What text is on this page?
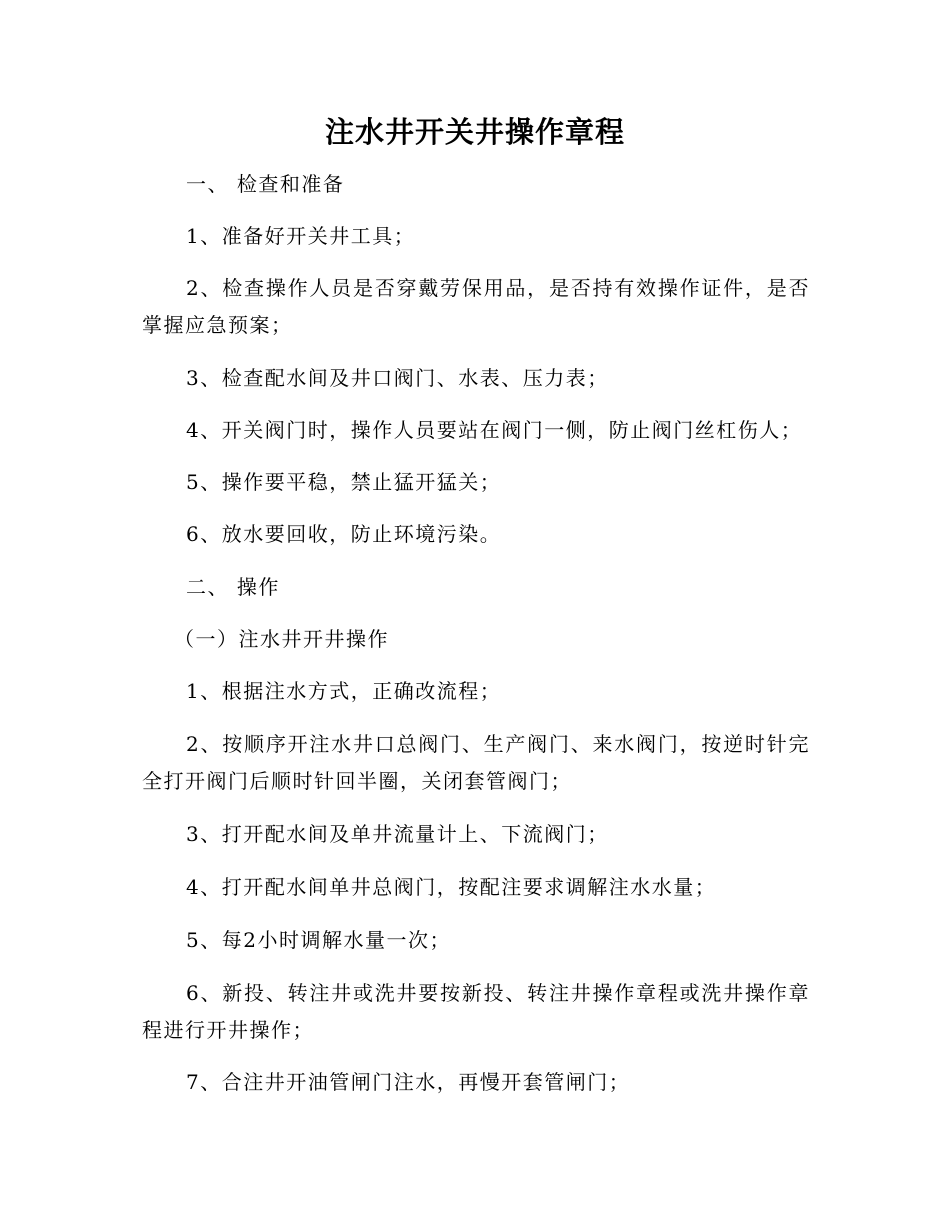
注水井开关井操作章程
一、 检查和准备
1、准备好开关井工具；
2、检查操作人员是否穿戴劳保用品，是否持有效操作证件，是否掌握应急预案；
3、检查配水间及井口阀门、水表、压力表；
4、开关阀门时，操作人员要站在阀门一侧，防止阀门丝杠伤人；
5、操作要平稳，禁止猛开猛关；
6、放水要回收，防止环境污染。
二、 操作
（一）注水井开井操作
1、根据注水方式，正确改流程；
2、按顺序开注水井口总阀门、生产阀门、来水阀门，按逆时针完全打开阀门后顺时针回半圈，关闭套管阀门；
3、打开配水间及单井流量计上、下流阀门；
4、打开配水间单井总阀门，按配注要求调解注水水量；
5、每2小时调解水量一次；
6、新投、转注井或洗井要按新投、转注井操作章程或洗井操作章程进行开井操作；
7、合注井开油管闸门注水，再慢开套管闸门；
